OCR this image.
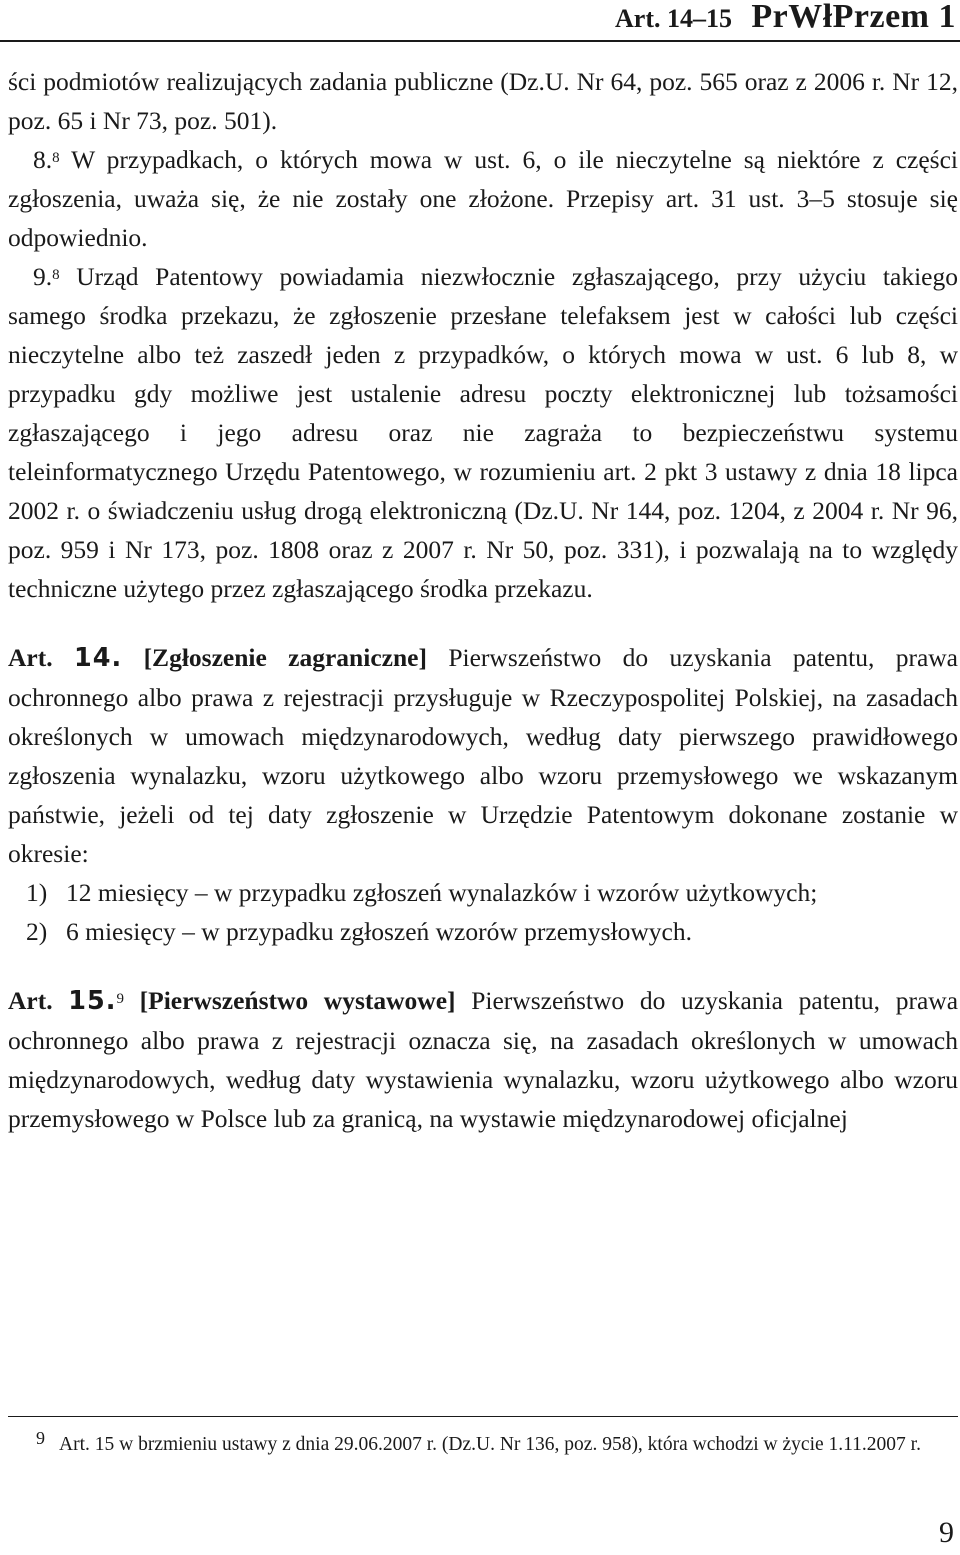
Art. 14–15 PrWłPrzem 1

ści podmiotów realizujących zadania publiczne (Dz.U. Nr 64, poz. 565 oraz z 2006 r. Nr 12, poz. 65 i Nr 73, poz. 501).

8.$^8$ W przypadkach, o których mowa w ust. 6, o ile nieczytelne są niektóre z części zgłoszenia, uważa się, że nie zostały one złożone. Przepisy art. 31 ust. 3–5 stosuje się odpowiednio.

9.$^8$ Urząd Patentowy powiadamia niezwłocznie zgłaszającego, przy użyciu takiego samego środka przekazu, że zgłoszenie przesłane telefaksem jest w całości lub części nieczytelne albo też zaszedł jeden z przypadków, o których mowa w ust. 6 lub 8, w przypadku gdy możliwe jest ustalenie adresu poczty elektronicznej lub tożsamości zgłaszającego i jego adresu oraz nie zagraża to bezpieczeństwu systemu teleinformatycznego Urzędu Patentowego, w rozumieniu art. 2 pkt 3 ustawy z dnia 18 lipca 2002 r. o świadczeniu usług drogą elektroniczną (Dz.U. Nr 144, poz. 1204, z 2004 r. Nr 96, poz. 959 i Nr 173, poz. 1808 oraz z 2007 r. Nr 50, poz. 331), i pozwalają na to względy techniczne użytego przez zgłaszającego środka przekazu.

Art. 14. [Zgłoszenie zagraniczne] Pierwszeństwo do uzyskania patentu, prawa ochronnego albo prawa z rejestracji przysługuje w Rzeczypospolitej Polskiej, na zasadach określonych w umowach międzynarodowych, według daty pierwszego prawidłowego zgłoszenia wynalazku, wzoru użytkowego albo wzoru przemysłowego we wskazanym państwie, jeżeli od tej daty zgłoszenie w Urzędzie Patentowym dokonane zostanie w okresie:

1) 12 miesięcy – w przypadku zgłoszeń wynalazków i wzorów użytkowych;
2) 6 miesięcy – w przypadku zgłoszeń wzorów przemysłowych.

Art. 15.$^9$ [Pierwszeństwo wystawowe] Pierwszeństwo do uzyskania patentu, prawa ochronnego albo prawa z rejestracji oznacza się, na zasadach określonych w umowach międzynarodowych, według daty wystawienia wynalazku, wzoru użytkowego albo wzoru przemysłowego w Polsce lub za granicą, na wystawie międzynarodowej oficjalnej

9 Art. 15 w brzmieniu ustawy z dnia 29.06.2007 r. (Dz.U. Nr 136, poz. 958), która wchodzi w życie 1.11.2007 r.
9
